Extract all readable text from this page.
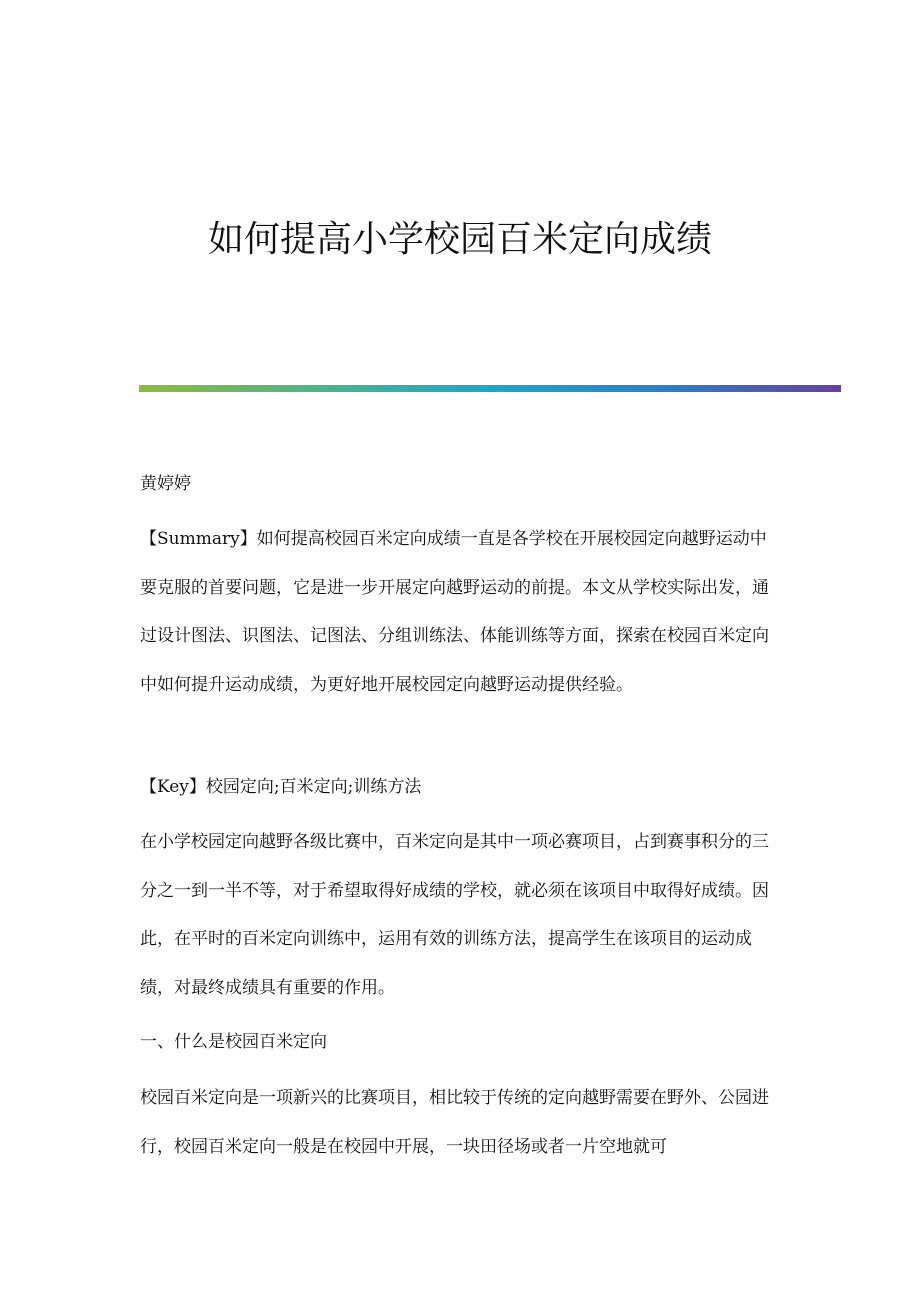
如何提高小学校园百米定向成绩

黄婷婷

【Summary】如何提高校园百米定向成绩一直是各学校在开展校园定向越野运动中要克服的首要问题，它是进一步开展定向越野运动的前提。本文从学校实际出发，通过设计图法、识图法、记图法、分组训练法、体能训练等方面，探索在校园百米定向中如何提升运动成绩，为更好地开展校园定向越野运动提供经验。

【Key】校园定向;百米定向;训练方法

在小学校园定向越野各级比赛中，百米定向是其中一项必赛项目，占到赛事积分的三分之一到一半不等，对于希望取得好成绩的学校，就必须在该项目中取得好成绩。因此，在平时的百米定向训练中，运用有效的训练方法，提高学生在该项目的运动成绩，对最终成绩具有重要的作用。

一、什么是校园百米定向

校园百米定向是一项新兴的比赛项目，相比较于传统的定向越野需要在野外、公园进行，校园百米定向一般是在校园中开展，一块田径场或者一片空地就可
